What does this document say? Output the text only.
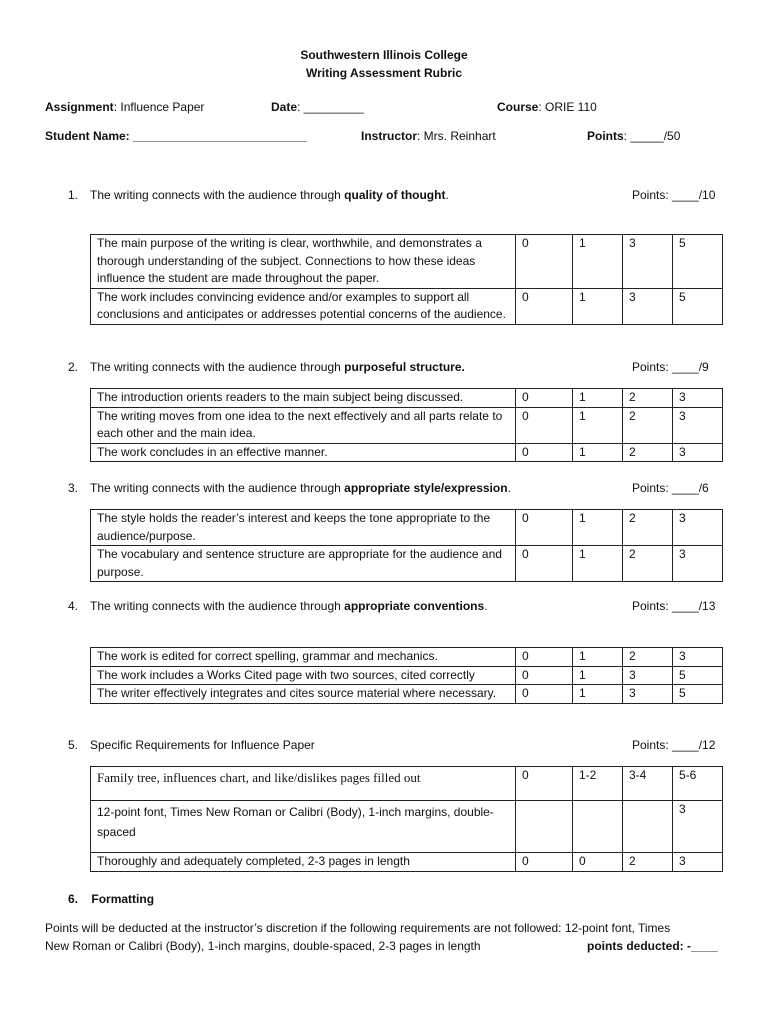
Southwestern Illinois College
Writing Assessment Rubric
Assignment: Influence Paper	Date: _________	Course: ORIE 110
Student Name: __________________________	Instructor: Mrs. Reinhart	Points: _____/50
1. The writing connects with the audience through quality of thought.	Points: ____/10
The main purpose of the writing is clear, worthwhile, and demonstrates a thorough understanding of the subject. Connections to how these ideas influence the student are made throughout the paper.	0	1	3	5
The work includes convincing evidence and/or examples to support all conclusions and anticipates or addresses potential concerns of the audience.	0	1	3	5
2. The writing connects with the audience through purposeful structure.	Points: ____/9
The introduction orients readers to the main subject being discussed.	0	1	2	3
The writing moves from one idea to the next effectively and all parts relate to each other and the main idea.	0	1	2	3
The work concludes in an effective manner.	0	1	2	3
3. The writing connects with the audience through appropriate style/expression.	Points: ____/6
The style holds the reader’s interest and keeps the tone appropriate to the audience/purpose.	0	1	2	3
The vocabulary and sentence structure are appropriate for the audience and purpose.	0	1	2	3
4. The writing connects with the audience through appropriate conventions.	Points: ____/13
The work is edited for correct spelling, grammar and mechanics.	0	1	2	3
The work includes a Works Cited page with two sources, cited correctly	0	1	3	5
The writer effectively integrates and cites source material where necessary.	0	1	3	5
5. Specific Requirements for Influence Paper	Points: ____/12
Family tree, influences chart, and like/dislikes pages filled out	0	1-2	3-4	5-6
12-point font, Times New Roman or Calibri (Body), 1-inch margins, double-spaced				3
Thoroughly and adequately completed, 2-3 pages in length	0	0	2	3
6. Formatting
Points will be deducted at the instructor’s discretion if the following requirements are not followed: 12-point font, Times
New Roman or Calibri (Body), 1-inch margins, double-spaced, 2-3 pages in length	points deducted: -____
